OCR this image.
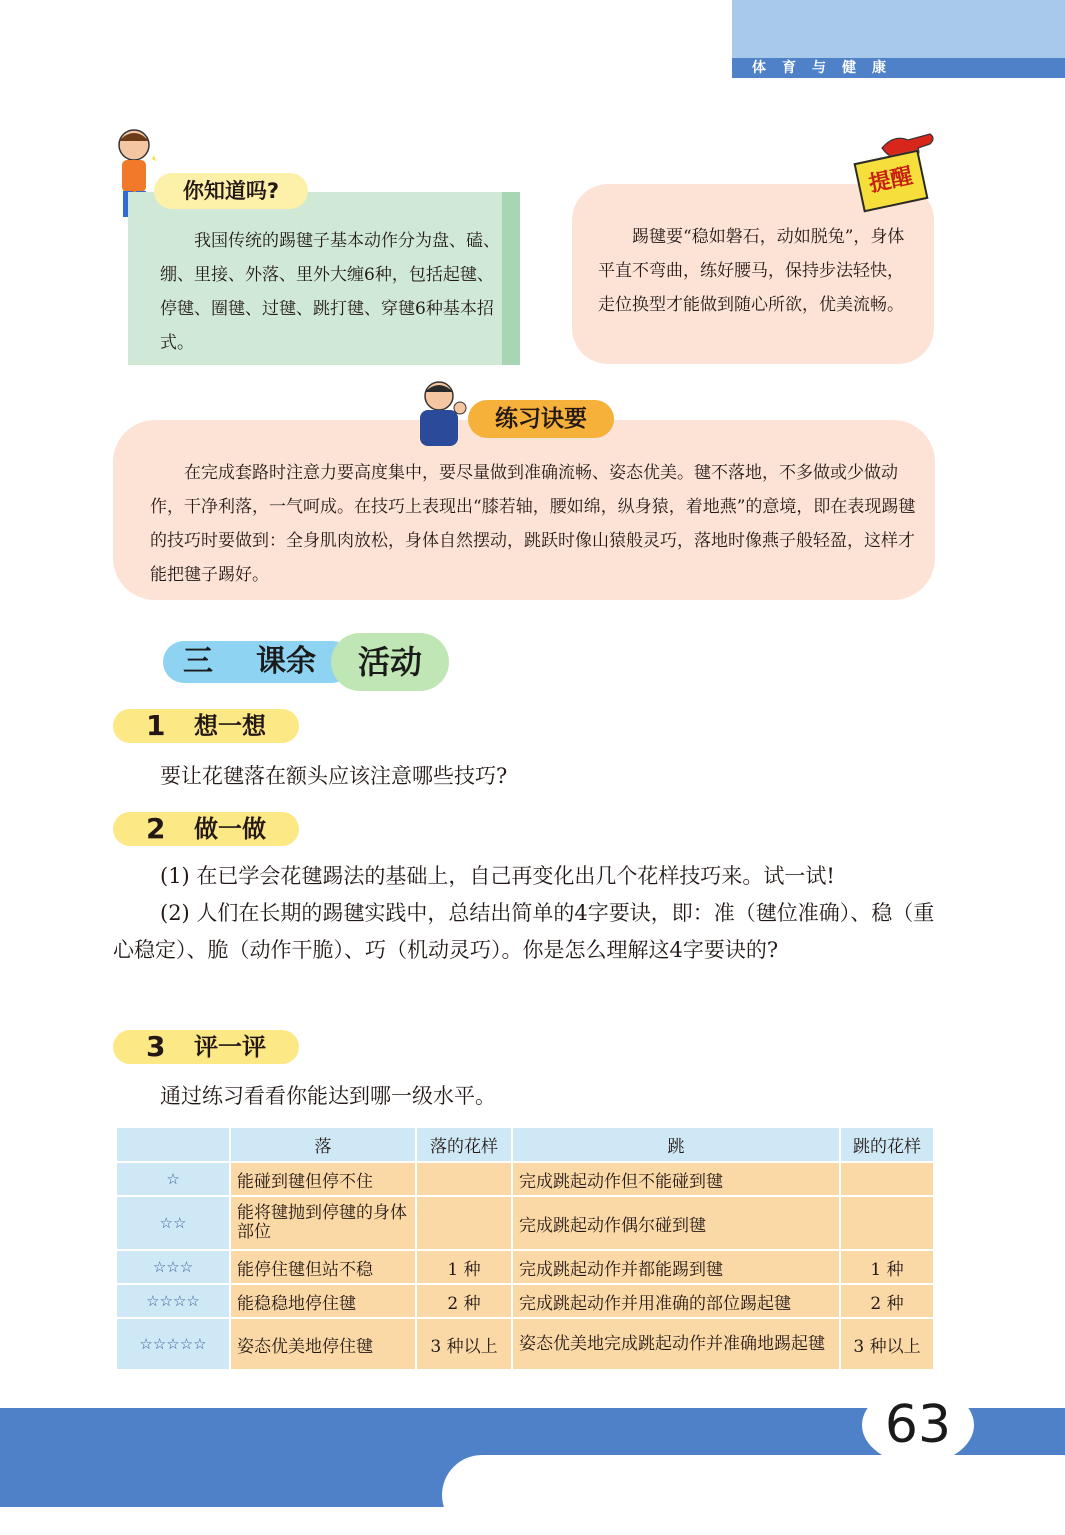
体育与健康
你知道吗?
　　我国传统的踢毽子基本动作分为盘、磕、绷、里接、外落、里外大缠6种，包括起毽、停毽、圈毽、过毽、跳打毽、穿毽6种基本招式。
提醒
　　踢毽要“稳如磐石，动如脱兔”，身体平直不弯曲，练好腰马，保持步法轻快，走位换型才能做到随心所欲，优美流畅。
练习诀要
　　在完成套路时注意力要高度集中，要尽量做到准确流畅、姿态优美。毽不落地，不多做或少做动作，干净利落，一气呵成。在技巧上表现出“膝若轴，腰如绵，纵身猿，着地燕”的意境，即在表现踢毽的技巧时要做到：全身肌肉放松，身体自然摆动，跳跃时像山猿般灵巧，落地时像燕子般轻盈，这样才能把毽子踢好。
三 课余	活动
1 想一想
要让花毽落在额头应该注意哪些技巧?
2 做一做
(1) 在已学会花毽踢法的基础上，自己再变化出几个花样技巧来。试一试!
(2) 人们在长期的踢毽实践中，总结出简单的4字要诀，即：准（毽位准确）、稳（重心稳定）、脆（动作干脆）、巧（机动灵巧）。你是怎么理解这4字要诀的?
3 评一评
通过练习看看你能达到哪一级水平。
	落	落的花样	跳	跳的花样
☆	能碰到毽但停不住		完成跳起动作但不能碰到毽	
☆☆	能将毽抛到停毽的身体部位		完成跳起动作偶尔碰到毽	
☆☆☆	能停住毽但站不稳	1 种	完成跳起动作并都能踢到毽	1 种
☆☆☆☆	能稳稳地停住毽	2 种	完成跳起动作并用准确的部位踢起毽	2 种
☆☆☆☆☆	姿态优美地停住毽	3 种以上	姿态优美地完成跳起动作并准确地踢起毽	3 种以上
63
